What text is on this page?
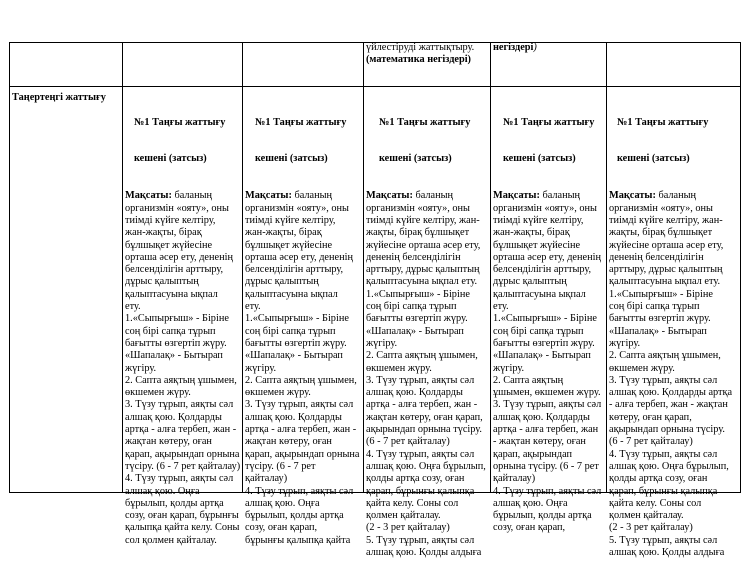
үйлестіруді жаттықтыру.
(математика негіздері)
негіздері)
Таңертеңгі жаттығу

№1 Таңғы жаттығу

кешені (затсыз)

Мақсаты: баланың
организмін «ояту», оны
тиімді күйге келтіру,
жан-жақты, бірақ
бұлшықет жүйесіне
орташа әсер ету, дененің
белсенділігін арттыру,
дұрыс қалыптың
қалыптасуына ықпал
ету.
1.«Сыпырғыш» - Біріне
соң бірі сапқа тұрып
бағытты өзгертіп жүру.
«Шапалақ» - Бытырап
жүгіру.
2. Сапта аяқтың ұшымен,
өкшемен жүру.
3. Түзу тұрып, аяқты сәл
алшақ қою. Қолдарды
артқа - алға тербеп, жан -
жақтан көтеру, оған
қарап, ақырындап орнына
түсіру. (6 - 7 рет қайталау)
4. Түзу тұрып, аяқты сәл
алшақ қою. Оңға
бұрылып, қолды артқа
созу, оған қарап, бұрынғы
қалыпқа қайта келу. Соны
сол қолмен қайталау.

№1 Таңғы жаттығу

кешені (затсыз)

Мақсаты: баланың
организмін «ояту», оны
тиімді күйге келтіру,
жан-жақты, бірақ
бұлшықет жүйесіне
орташа әсер ету, дененің
белсенділігін арттыру,
дұрыс қалыптың
қалыптасуына ықпал
ету.
1.«Сыпырғыш» - Біріне
соң бірі сапқа тұрып
бағытты өзгертіп жүру.
«Шапалақ» - Бытырап
жүгіру.
2. Сапта аяқтың ұшымен,
өкшемен жүру.
3. Түзу тұрып, аяқты сәл
алшақ қою. Қолдарды
артқа - алға тербеп, жан -
жақтан көтеру, оған
қарап, ақырындап орнына
түсіру. (6 - 7 рет
қайталау)
4. Түзу тұрып, аяқты сәл
алшақ қою. Оңға
бұрылып, қолды артқа
созу, оған қарап,
бұрынғы қалыпқа қайта

№1 Таңғы жаттығу

кешені (затсыз)

Мақсаты: баланың
организмін «ояту», оны
тиімді күйге келтіру, жан-
жақты, бірақ бұлшықет
жүйесіне орташа әсер ету,
дененің белсенділігін
арттыру, дұрыс қалыптың
қалыптасуына ықпал ету.
1.«Сыпырғыш» - Біріне
соң бірі сапқа тұрып
бағытты өзгертіп жүру.
«Шапалақ» - Бытырап
жүгіру.
2. Сапта аяқтың ұшымен,
өкшемен жүру.
3. Түзу тұрып, аяқты сәл
алшақ қою. Қолдарды
артқа - алға тербеп, жан -
жақтан көтеру, оған қарап,
ақырындап орнына түсіру.
(6 - 7 рет қайталау)
4. Түзу тұрып, аяқты сәл
алшақ қою. Оңға бұрылып,
қолды артқа созу, оған
қарап, бұрынғы қалыпқа
қайта келу. Соны сол
қолмен қайталау.
(2 - 3 рет қайталау)
5. Түзу тұрып, аяқты сәл
алшақ қою. Қолды алдыға

№1 Таңғы жаттығу

кешені (затсыз)

Мақсаты: баланың
организмін «ояту», оны
тиімді күйге келтіру,
жан-жақты, бірақ
бұлшықет жүйесіне
орташа әсер ету, дененің
белсенділігін арттыру,
дұрыс қалыптың
қалыптасуына ықпал
ету.
1.«Сыпырғыш» - Біріне
соң бірі сапқа тұрып
бағытты өзгертіп жүру.
«Шапалақ» - Бытырап
жүгіру.
2. Сапта аяқтың
ұшымен, өкшемен жүру.
3. Түзу тұрып, аяқты сәл
алшақ қою. Қолдарды
артқа - алға тербеп, жан
- жақтан көтеру, оған
қарап, ақырындап
орнына түсіру. (6 - 7 рет
қайталау)
4. Түзу тұрып, аяқты сәл
алшақ қою. Оңға
бұрылып, қолды артқа
созу, оған қарап,

№1 Таңғы жаттығу

кешені (затсыз)

Мақсаты: баланың
организмін «ояту», оны
тиімді күйге келтіру, жан-
жақты, бірақ бұлшықет
жүйесіне орташа әсер ету,
дененің белсенділігін
арттыру, дұрыс қалыптың
қалыптасуына ықпал ету.
1.«Сыпырғыш» - Біріне
соң бірі сапқа тұрып
бағытты өзгертіп жүру.
«Шапалақ» - Бытырап
жүгіру.
2. Сапта аяқтың ұшымен,
өкшемен жүру.
3. Түзу тұрып, аяқты сәл
алшақ қою. Қолдарды артқа
- алға тербеп, жан - жақтан
көтеру, оған қарап,
ақырындап орнына түсіру.
(6 - 7 рет қайталау)
4. Түзу тұрып, аяқты сәл
алшақ қою. Оңға бұрылып,
қолды артқа созу, оған
қарап, бұрынғы қалыпқа
қайта келу. Соны сол
қолмен қайталау.
(2 - 3 рет қайталау)
5. Түзу тұрып, аяқты сәл
алшақ қою. Қолды алдыға
